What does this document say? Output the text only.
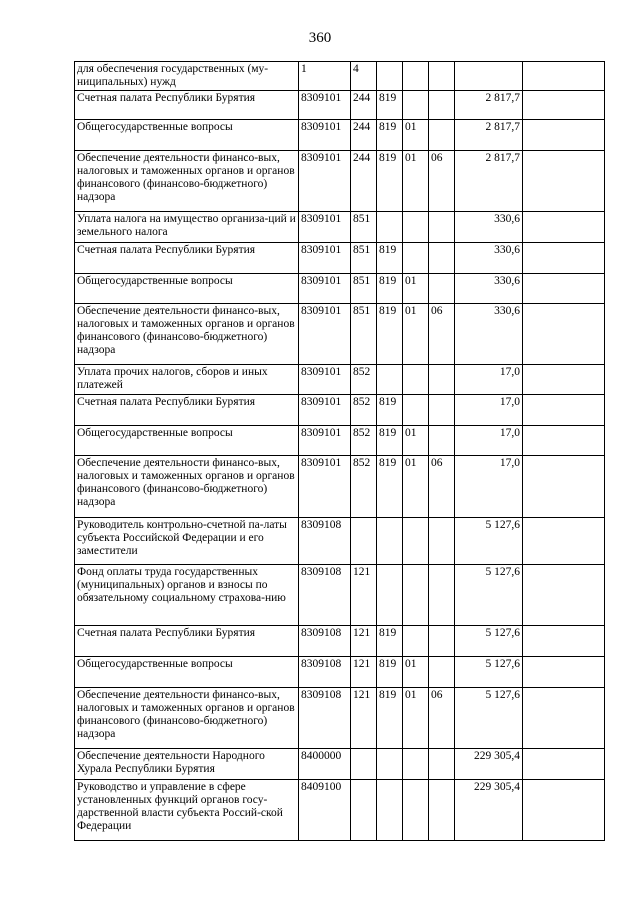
360
для обеспечения государственных (му-ниципальных) нужд	1	4					
Счетная палата Республики Бурятия	8309101	244	819			2 817,7	
Общегосударственные вопросы	8309101	244	819	01		2 817,7	
Обеспечение деятельности финансо-вых, налоговых и таможенных органов и органов финансового (финансово-бюджетного) надзора	8309101	244	819	01	06	2 817,7	
Уплата налога на имущество организа-ций и земельного налога	8309101	851				330,6	
Счетная палата Республики Бурятия	8309101	851	819			330,6	
Общегосударственные вопросы	8309101	851	819	01		330,6	
Обеспечение деятельности финансо-вых, налоговых и таможенных органов и органов финансового (финансово-бюджетного) надзора	8309101	851	819	01	06	330,6	
Уплата прочих налогов, сборов и иных платежей	8309101	852				17,0	
Счетная палата Республики Бурятия	8309101	852	819			17,0	
Общегосударственные вопросы	8309101	852	819	01		17,0	
Обеспечение деятельности финансо-вых, налоговых и таможенных органов и органов финансового (финансово-бюджетного) надзора	8309101	852	819	01	06	17,0	
Руководитель контрольно-счетной па-латы субъекта Российской Федерации и его заместители	8309108					5 127,6	
Фонд оплаты труда государственных (муниципальных) органов и взносы по обязательному социальному страхова-нию	8309108	121				5 127,6	
Счетная палата Республики Бурятия	8309108	121	819			5 127,6	
Общегосударственные вопросы	8309108	121	819	01		5 127,6	
Обеспечение деятельности финансо-вых, налоговых и таможенных органов и органов финансового (финансово-бюджетного) надзора	8309108	121	819	01	06	5 127,6	
Обеспечение деятельности Народного Хурала Республики Бурятия	8400000					229 305,4	
Руководство и управление в сфере установленных функций органов госу-дарственной власти субъекта Россий-ской Федерации	8409100					229 305,4	
